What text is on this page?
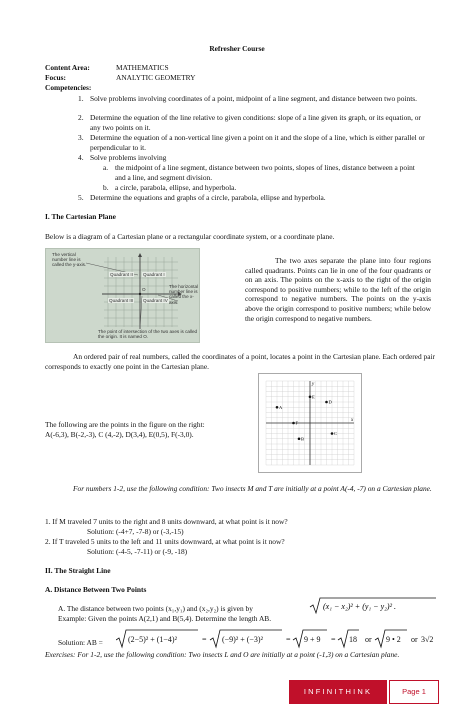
Refresher Course
Content Area:	MATHEMATICS
Focus:	ANALYTIC GEOMETRY
Competencies:
1. Solve problems involving coordinates of a point, midpoint of a line segment, and distance between two points.
2. Determine the equation of the line relative to given conditions: slope of a line given its graph, or its equation, or any two points on it.
3. Determine the equation of a non-vertical line given a point on it and the slope of a line, which is either parallel or perpendicular to it.
4. Solve problems involving
a. the midpoint of a line segment, distance between two points, slopes of lines, distance between a point and a line, and segment division.
b. a circle, parabola, ellipse, and hyperbola.
5. Determine the equations and graphs of a circle, parabola, ellipse and hyperbola.
I. The Cartesian Plane
Below is a diagram of a Cartesian plane or a rectangular coordinate system, or a coordinate plane.
The vertical number line is called the y-axis.
The horizontal number line is called the x-axis.
The point of intersection of the two axes is called the origin. It is named O.
Quadrant II Quadrant I
Quadrant III Quadrant IV
O
The two axes separate the plane into four regions called quadrants. Points can lie in one of the four quadrants or on an axis. The points on the x-axis to the right of the origin correspond to positive numbers; while to the left of the origin correspond to negative numbers. The points on the y-axis above the origin correspond to positive numbers; while below the origin correspond to negative numbers.
An ordered pair of real numbers, called the coordinates of a point, locates a point in the Cartesian plane. Each ordered pair corresponds to exactly one point in the Cartesian plane.
x
y
A
B
C
D
E
F
The following are the points in the figure on the right:
A(-6,3), B(-2,-3), C (4,-2), D(3,4), E(0,5), F(-3,0).
For numbers 1-2, use the following condition: Two insects M and T are initially at a point A(-4, -7) on a Cartesian plane.
1. If M traveled 7 units to the right and 8 units downward, at what point is it now?
Solution: (-4+7, -7-8) or (-3,-15)
2. If T traveled 5 units to the left and 11 units downward, at what point is it now?
Solution: (-4-5, -7-11) or (-9, -18)
II. The Straight Line
A. Distance Between Two Points
A. The distance between two points (x₁,y₁) and (x₂,y₂) is given by	(x₁ − x₂)² + (y₁ − y₂)² .
Example: Given the points A(2,1) and B(5,4). Determine the length AB.
Solution: AB =	(2−5)² + (1−4)²	= (−9)² + (−3)²	= 9 + 9 = 18 or 9 • 2 or 3√2
Exercises: For 1-2, use the following condition: Two insects L and O are initially at a point (-1,3) on a Cartesian plane.
INFINITHINK	Page 1
